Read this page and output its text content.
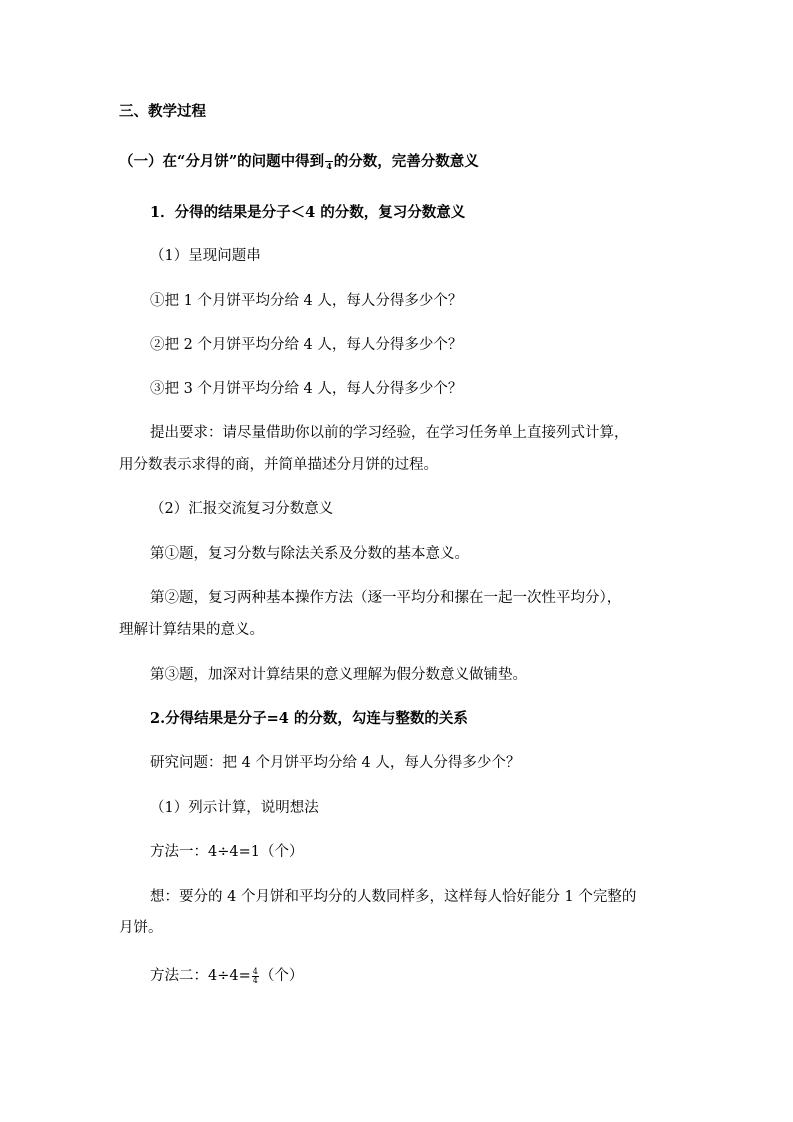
三、教学过程
（一）在“分月饼”的问题中得到 4 的分数，完善分数意义
1．分得的结果是分子＜4 的分数，复习分数意义
（1）呈现问题串
①把 1 个月饼平均分给 4 人，每人分得多少个？
②把 2 个月饼平均分给 4 人，每人分得多少个？
③把 3 个月饼平均分给 4 人，每人分得多少个？
提出要求：请尽量借助你以前的学习经验，在学习任务单上直接列式计算，
用分数表示求得的商，并简单描述分月饼的过程。
（2）汇报交流复习分数意义
第①题，复习分数与除法关系及分数的基本意义。
第②题，复习两种基本操作方法（逐一平均分和摞在一起一次性平均分），
理解计算结果的意义。
第③题，加深对计算结果的意义理解为假分数意义做铺垫。
2.分得结果是分子=4 的分数，勾连与整数的关系
研究问题：把 4 个月饼平均分给 4 人，每人分得多少个？
（1）列示计算，说明想法
方法一：4÷4=1（个）
想：要分的 4 个月饼和平均分的人数同样多，这样每人恰好能分 1 个完整的
月饼。
方法二：$4\div 4= \frac{4}{4}$ （个）
